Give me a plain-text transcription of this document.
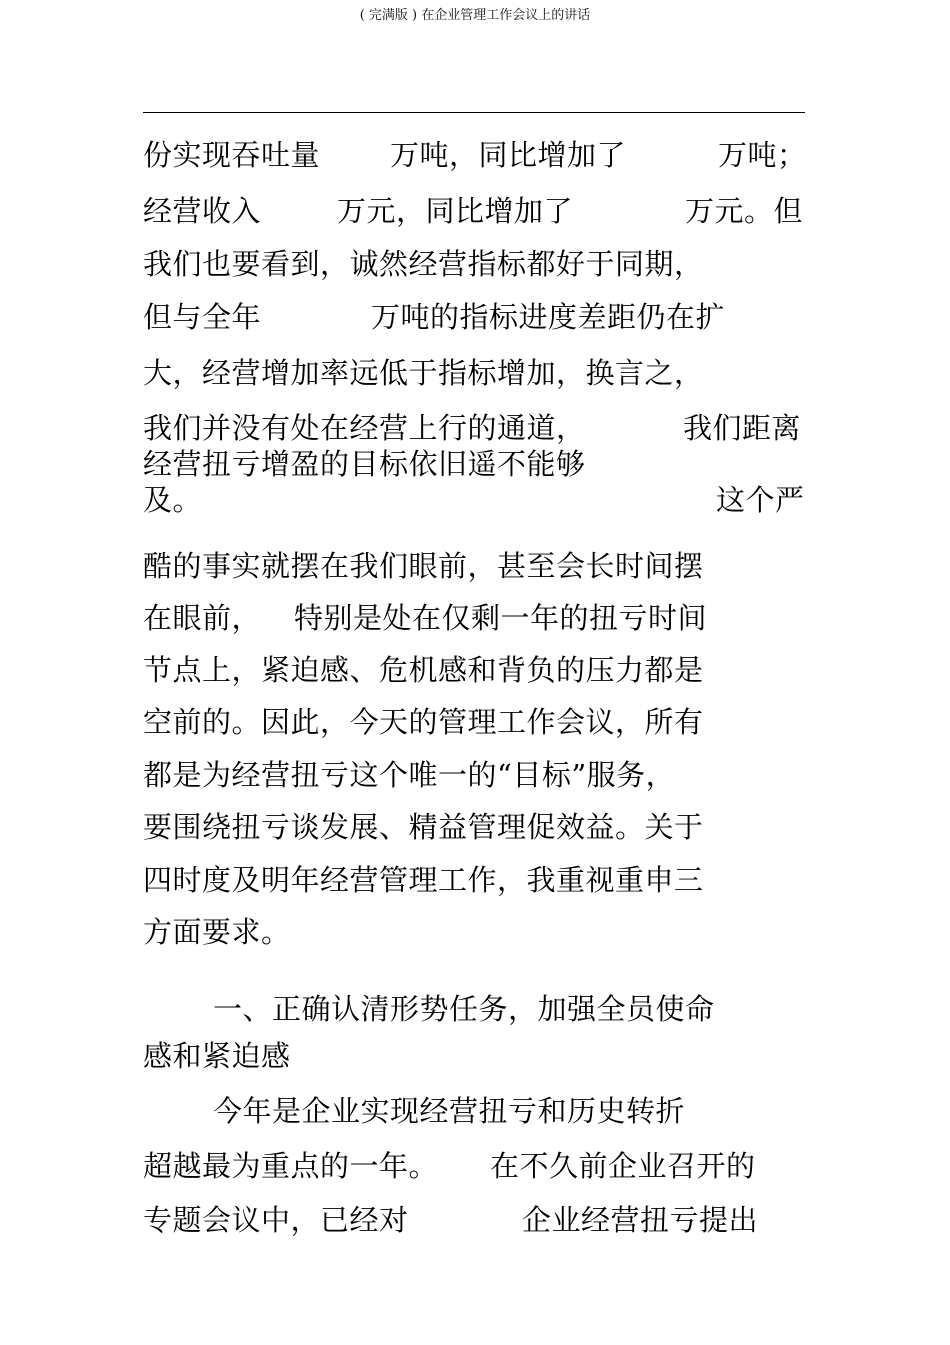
( 完满版 ) 在企业管理工作会议上的讲话
份实现吞吐量 万吨，同比增加了	万吨；
经营收入	万元，同比增加了	万元。但
我们也要看到，诚然经营指标都好于同期，
但与全年	万吨的指标进度差距仍在扩
大，经营增加率远低于指标增加，换言之，
我们并没有处在经营上行的通道，	我们距离
经营扭亏增盈的目标依旧遥不能够
及。	这个严
酷的事实就摆在我们眼前，甚至会长时间摆
在眼前， 特别是处在仅剩一年的扭亏时间
节点上，紧迫感、危机感和背负的压力都是
空前的。因此，今天的管理工作会议，所有
都是为经营扭亏这个唯一的“目标”服务，
要围绕扭亏谈发展、精益管理促效益。关于
四时度及明年经营管理工作，我重视重申三
方面要求。
一、正确认清形势任务，加强全员使命
感和紧迫感
今年是企业实现经营扭亏和历史转折
超越最为重点的一年。 在不久前企业召开的
专题会议中，已经对	企业经营扭亏提出
